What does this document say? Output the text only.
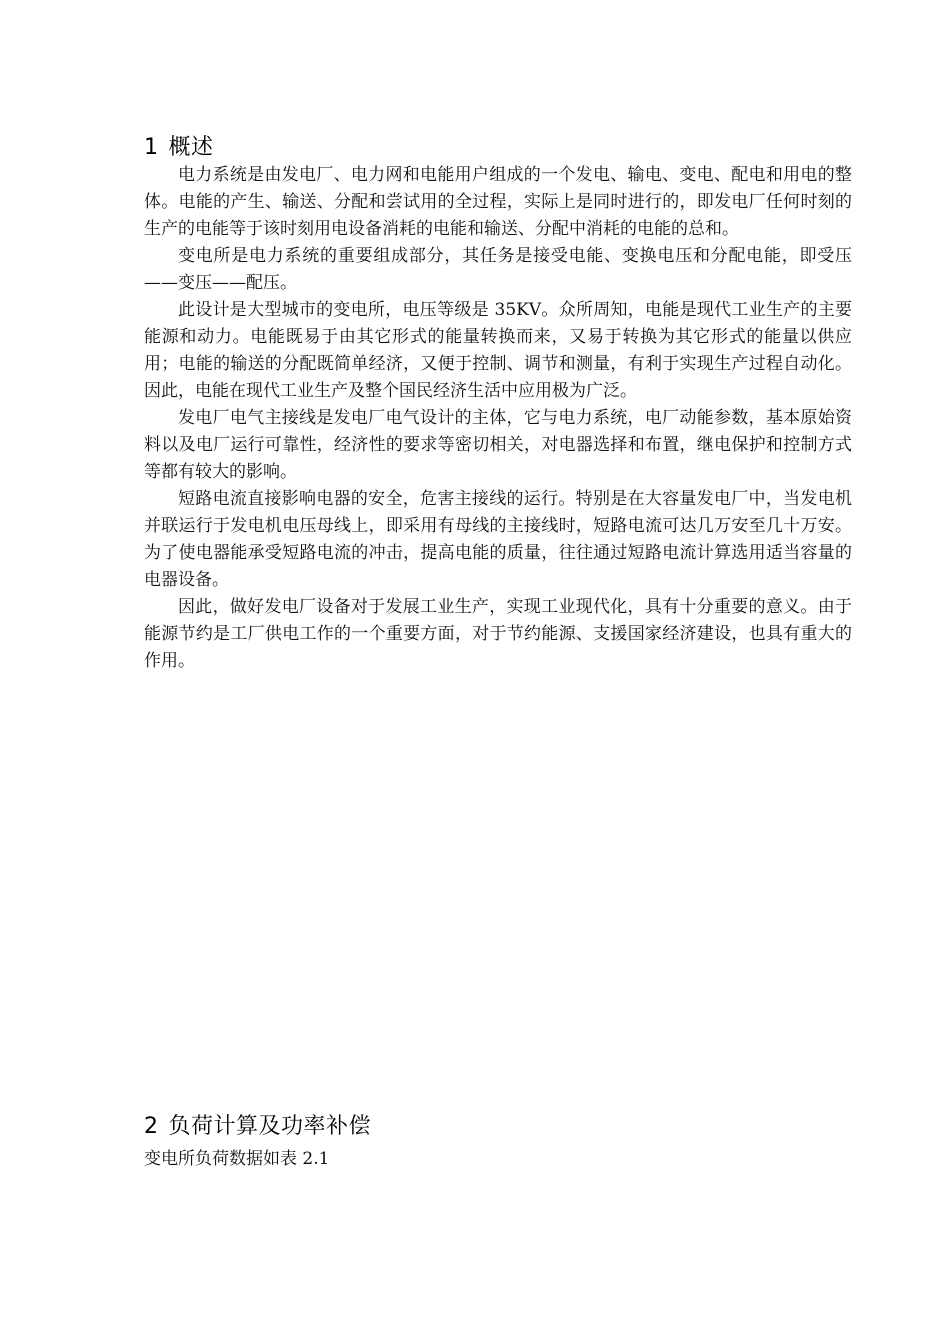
1 概述

电力系统是由发电厂、电力网和电能用户组成的一个发电、输电、变电、配电和用电的整体。电能的产生、输送、分配和尝试用的全过程，实际上是同时进行的，即发电厂任何时刻的生产的电能等于该时刻用电设备消耗的电能和输送、分配中消耗的电能的总和。

变电所是电力系统的重要组成部分，其任务是接受电能、变换电压和分配电能，即受压——变压——配压。

此设计是大型城市的变电所，电压等级是 35KV。众所周知，电能是现代工业生产的主要能源和动力。电能既易于由其它形式的能量转换而来，又易于转换为其它形式的能量以供应用；电能的输送的分配既简单经济，又便于控制、调节和测量，有利于实现生产过程自动化。因此，电能在现代工业生产及整个国民经济生活中应用极为广泛。

发电厂电气主接线是发电厂电气设计的主体，它与电力系统，电厂动能参数，基本原始资料以及电厂运行可靠性，经济性的要求等密切相关，对电器选择和布置，继电保护和控制方式等都有较大的影响。

短路电流直接影响电器的安全，危害主接线的运行。特别是在大容量发电厂中，当发电机并联运行于发电机电压母线上，即采用有母线的主接线时，短路电流可达几万安至几十万安。为了使电器能承受短路电流的冲击，提高电能的质量，往往通过短路电流计算选用适当容量的电器设备。

因此，做好发电厂设备对于发展工业生产，实现工业现代化，具有十分重要的意义。由于能源节约是工厂供电工作的一个重要方面，对于节约能源、支援国家经济建设，也具有重大的作用。

2 负荷计算及功率补偿

变电所负荷数据如表 2.1
